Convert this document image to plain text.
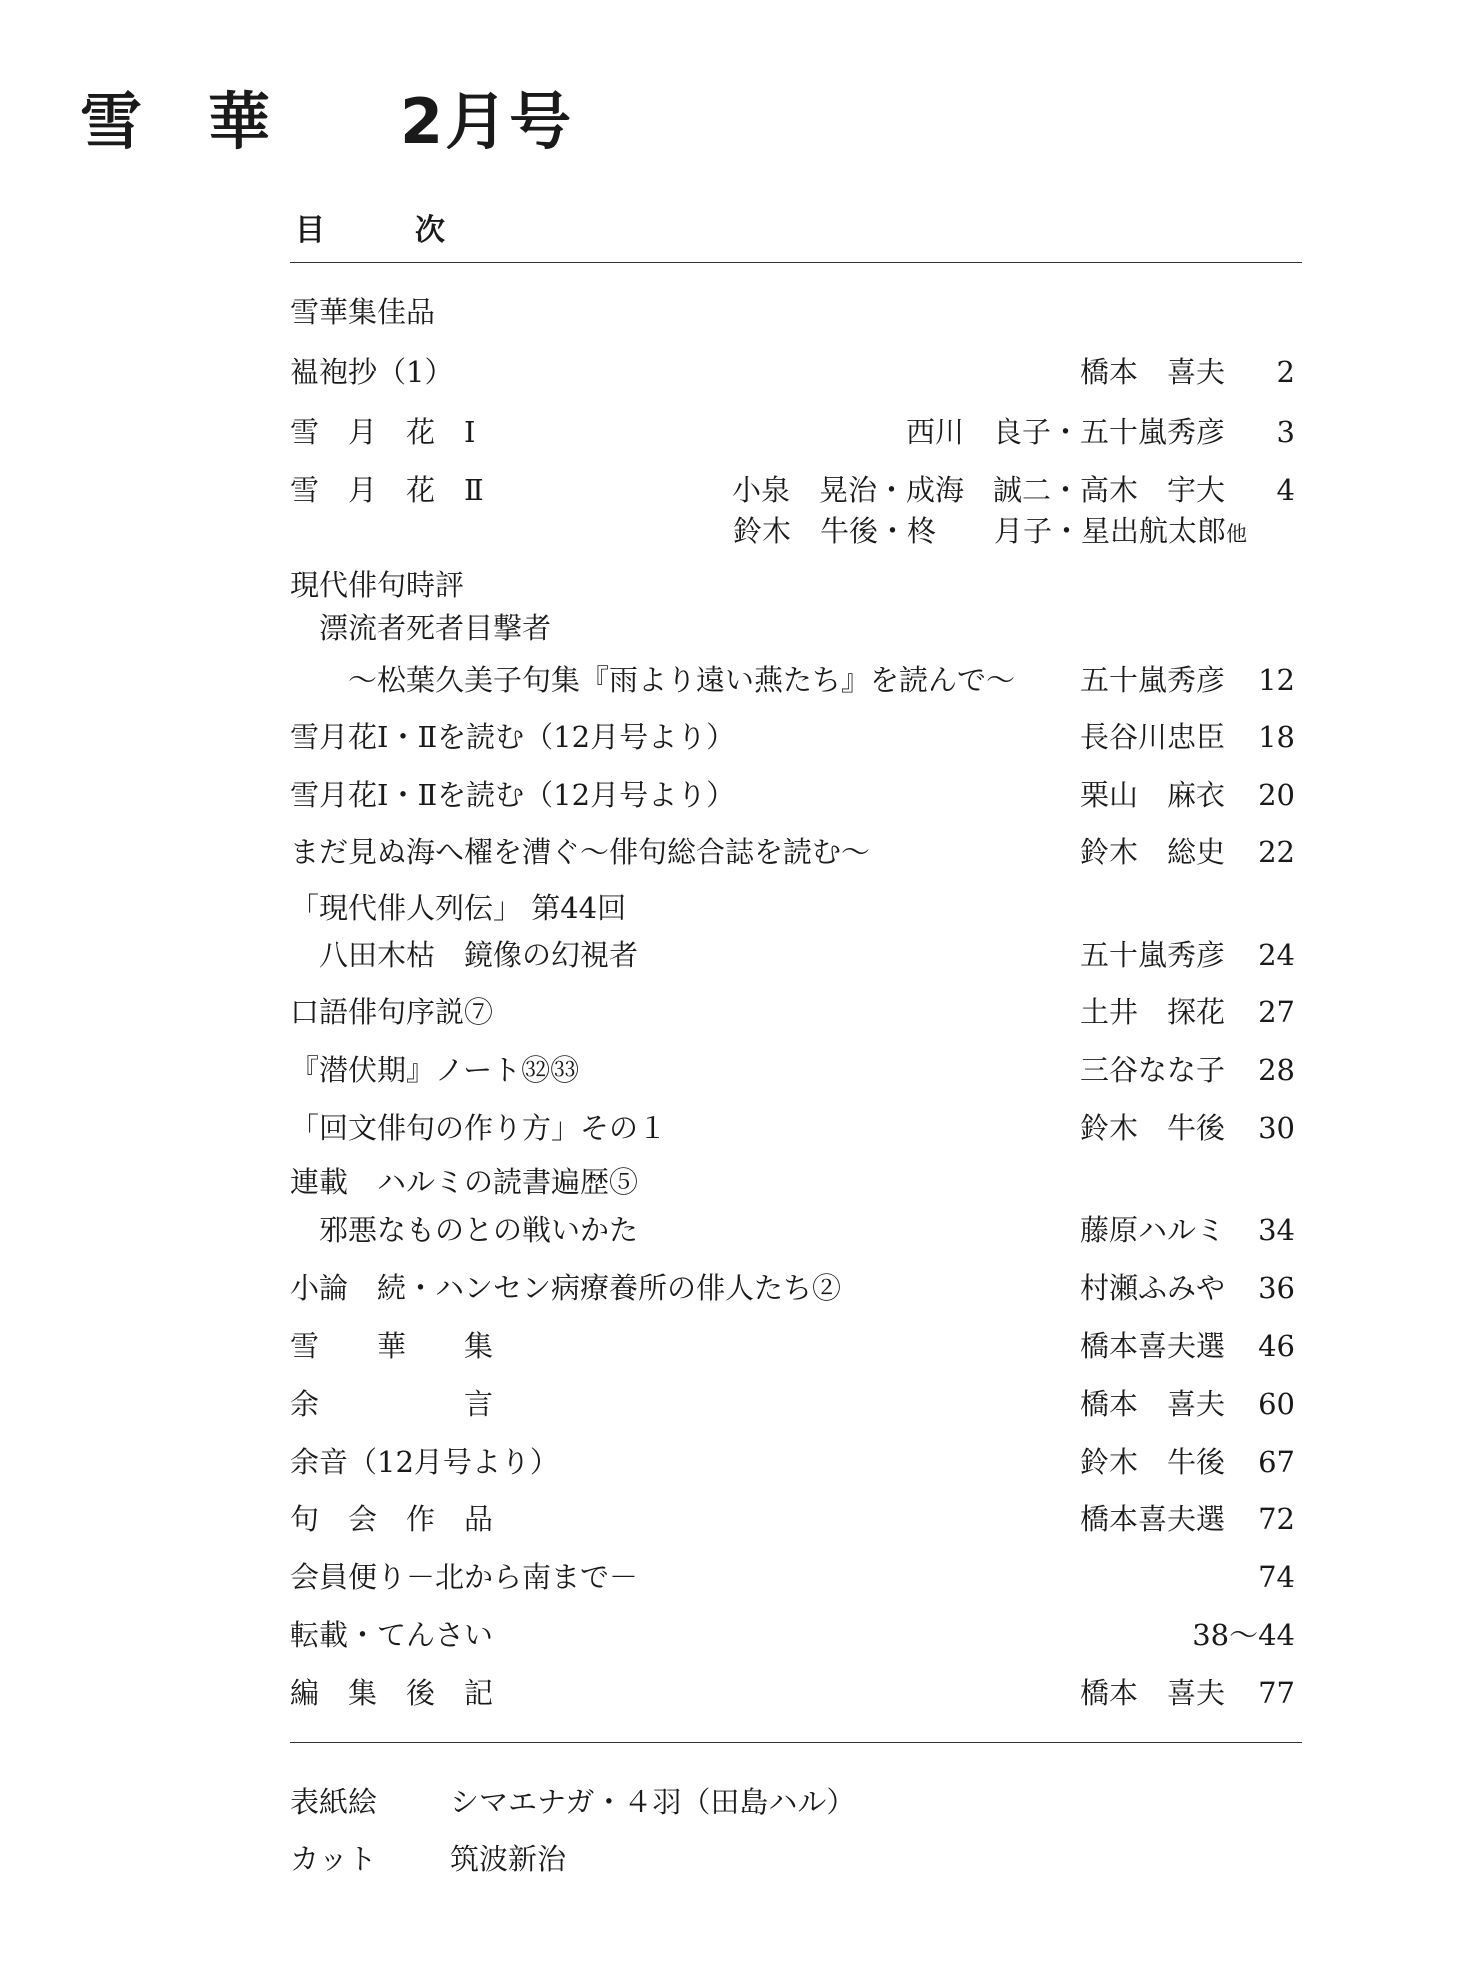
雪　華　　2月号
目　　　次
雪華集佳品
褞袍抄（1）	橋本　喜夫	2
雪　月　花　Ⅰ	西川　良子・五十嵐秀彦	3
雪　月　花　Ⅱ	小泉　晃治・成海　誠二・高木　宇大	4
鈴木　牛後・柊　　月子・星出航太郎他
現代俳句時評
　漂流者死者目撃者
　　～松葉久美子句集『雨より遠い燕たち』を読んで～ 五十嵐秀彦	12
雪月花Ⅰ・Ⅱを読む（12月号より）	長谷川忠臣	18
雪月花Ⅰ・Ⅱを読む（12月号より）	栗山　麻衣	20
まだ見ぬ海へ櫂を漕ぐ～俳句総合誌を読む～	鈴木　総史	22
「現代俳人列伝」 第44回
　八田木枯　鏡像の幻視者	五十嵐秀彦	24
口語俳句序説⑦	土井　探花	27
『潜伏期』ノート㉜㉝	三谷なな子	28
「回文俳句の作り方」その１	鈴木　牛後	30
連載　ハルミの読書遍歴⑤
　邪悪なものとの戦いかた	藤原ハルミ	34
小論　続・ハンセン病療養所の俳人たち②	村瀬ふみや	36
雪　　華　　集	橋本喜夫選	46
余　　　　　言	橋本　喜夫	60
余音（12月号より）	鈴木　牛後	67
句　会　作　品	橋本喜夫選	72
会員便り－北から南まで－	74
転載・てんさい	38～44
編　集　後　記	橋本　喜夫	77
表紙絵	シマエナガ・４羽（田島ハル）
カット	筑波新治
